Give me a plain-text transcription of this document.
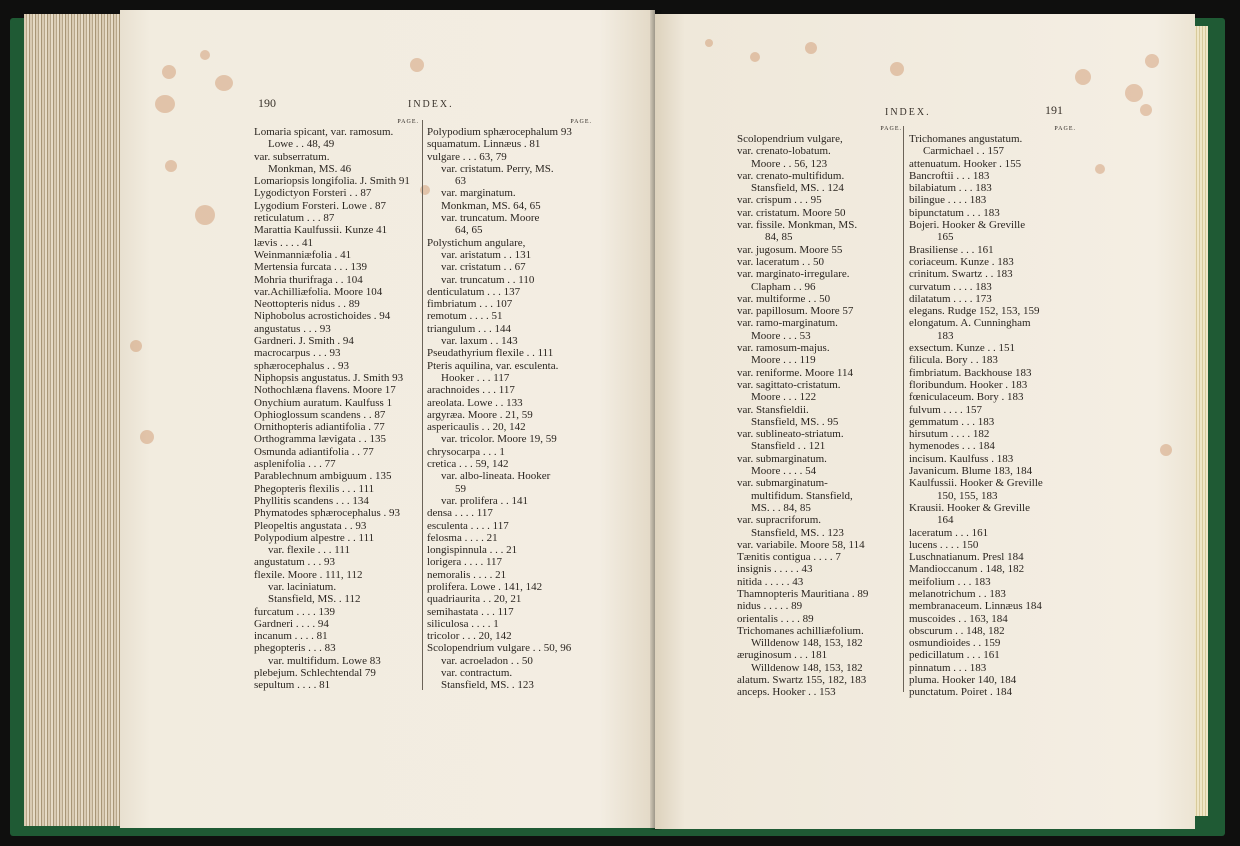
190	INDEX.
PAGE.
Lomaria spicant, var. ramosum.
Lowe . . 48, 49
var. subserratum.
Monkman, MS. 46
Lomariopsis longifolia. J. Smith 91
Lygodictyon Forsteri . . 87
Lygodium Forsteri. Lowe . 87
reticulatum . . . 87
Marattia Kaulfussii. Kunze 41
lævis . . . . 41
Weinmanniæfolia . 41
Mertensia furcata . . . 139
Mohria thurifraga . . 104
var.Achilliæfolia. Moore 104
Neottopteris nidus . . 89
Niphobolus acrostichoides . 94
angustatus . . . 93
Gardneri. J. Smith . 94
macrocarpus . . . 93
sphærocephalus . . 93
Niphopsis angustatus. J. Smith 93
Nothochlæna flavens. Moore 17
Onychium auratum. Kaulfuss 1
Ophioglossum scandens . . 87
Ornithopteris adiantifolia . 77
Orthogramma lævigata . . 135
Osmunda adiantifolia . . 77
asplenifolia . . . 77
Parablechnum ambiguum . 135
Phegopteris flexilis . . . 111
Phyllitis scandens . . . 134
Phymatodes sphærocephalus . 93
Pleopeltis angustata . . 93
Polypodium alpestre . . 111
var. flexile . . . 111
angustatum . . . 93
flexile. Moore . 111, 112
var. laciniatum.
Stansfield, MS. . 112
furcatum . . . . 139
Gardneri . . . . 94
incanum . . . . 81
phegopteris . . . 83
var. multifidum. Lowe 83
plebejum. Schlechtendal 79
sepultum . . . . 81
PAGE.
Polypodium sphærocephalum 93
squamatum. Linnæus . 81
vulgare . . . 63, 79
var. cristatum. Perry, MS.
63
var. marginatum.
Monkman, MS. 64, 65
var. truncatum. Moore
64, 65
Polystichum angulare,
var. aristatum . . 131
var. cristatum . . 67
var. truncatum . . 110
denticulatum . . . 137
fimbriatum . . . 107
remotum . . . . 51
triangulum . . . 144
var. laxum . . 143
Pseudathyrium flexile . . 111
Pteris aquilina, var. esculenta.
Hooker . . . 117
arachnoides . . . 117
areolata. Lowe . . 133
argyræa. Moore . 21, 59
aspericaulis . . 20, 142
var. tricolor. Moore 19, 59
chrysocarpa . . . 1
cretica . . . 59, 142
var. albo-lineata. Hooker
59
var. prolifera . . 141
densa . . . . 117
esculenta . . . . 117
felosma . . . . 21
longispinnula . . . 21
lorigera . . . . 117
nemoralis . . . . 21
prolifera. Lowe . 141, 142
quadriaurita . . 20, 21
semihastata . . . 117
siliculosa . . . . 1
tricolor . . . 20, 142
Scolopendrium vulgare . . 50, 96
var. acroeladon . . 50
var. contractum.
Stansfield, MS. . 123
INDEX.	191
PAGE.
Scolopendrium vulgare,
var. crenato-lobatum.
Moore . . 56, 123
var. crenato-multifidum.
Stansfield, MS. . 124
var. crispum . . . 95
var. cristatum. Moore 50
var. fissile. Monkman, MS.
84, 85
var. jugosum. Moore 55
var. laceratum . . 50
var. marginato-irregulare.
Clapham . . 96
var. multiforme . . 50
var. papillosum. Moore 57
var. ramo-marginatum.
Moore . . . 53
var. ramosum-majus.
Moore . . . 119
var. reniforme. Moore 114
var. sagittato-cristatum.
Moore . . . 122
var. Stansfieldii.
Stansfield, MS. . 95
var. sublineato-striatum.
Stansfield . . 121
var. submarginatum.
Moore . . . . 54
var. submarginatum-
multifidum. Stansfield,
MS. . . 84, 85
var. supracriforum.
Stansfield, MS. . 123
var. variabile. Moore 58, 114
Tænitis contigua . . . . 7
insignis . . . . . 43
nitida . . . . . 43
Thamnopteris Mauritiana . 89
nidus . . . . . 89
orientalis . . . . 89
Trichomanes achilliæfolium.
Willdenow 148, 153, 182
æruginosum . . . 181
Willdenow 148, 153, 182
alatum. Swartz 155, 182, 183
anceps. Hooker . . 153
PAGE.
Trichomanes angustatum.
Carmichael . . 157
attenuatum. Hooker . 155
Bancroftii . . . 183
bilabiatum . . . 183
bilingue . . . . 183
bipunctatum . . . 183
Bojeri. Hooker & Greville
165
Brasiliense . . . 161
coriaceum. Kunze . 183
crinitum. Swartz . . 183
curvatum . . . . 183
dilatatum . . . . 173
elegans. Rudge 152, 153, 159
elongatum. A. Cunningham
183
exsectum. Kunze . . 151
filicula. Bory . . 183
fimbriatum. Backhouse 183
floribundum. Hooker . 183
fœniculaceum. Bory . 183
fulvum . . . . 157
gemmatum . . . 183
hirsutum . . . . 182
hymenodes . . . 184
incisum. Kaulfuss . 183
Javanicum. Blume 183, 184
Kaulfussii. Hooker & Greville
150, 155, 183
Krausii. Hooker & Greville
164
laceratum . . . 161
lucens . . . . 150
Luschnatianum. Presl 184
Mandioccanum . 148, 182
meifolium . . . 183
melanotrichum . . 183
membranaceum. Linnæus 184
muscoides . . 163, 184
obscurum . . 148, 182
osmundioides . . 159
pedicillatum . . . 161
pinnatum . . . 183
pluma. Hooker 140, 184
punctatum. Poiret . 184
